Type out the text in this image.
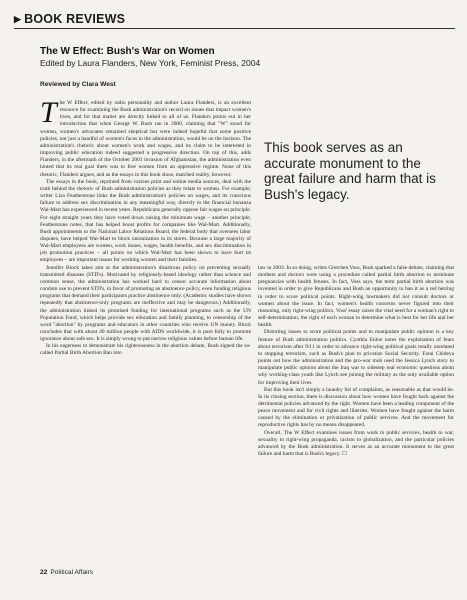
▶ BOOK REVIEWS
The W Effect: Bush's War on Women
Edited by Laura Flanders, New York, Feminist Press, 2004
Reviewed by Clara West

The W Effect, edited by radio personality and author Laura Flanders, is an excellent resource for examining the Bush administration's record on issues that impact women's lives, and for that matter are directly linked to all of us. Flanders points out in her introduction that when George W. Bush ran in 2000, claiming that "W" stood for women, women's advocates remained skeptical but were indeed hopeful that some positive policies, not just a handful of women's faces in the administration, would be on the horizon. The administration's rhetoric about women's work and wages, and its claim to be interested in improving public education indeed suggested a progressive direction. On top of this, adds Flanders, in the aftermath of the October 2001 invasion of Afghanistan, the administration even hinted that its real goal there was to free women from an oppressive regime. None of this rhetoric, Flanders argues, and as the essays in this book show, matched reality, however.

The essays in the book, reprinted from various print and online media sources, deal with the truth behind the rhetoric of Bush administration policies as they relate to women. For example, writer Liza Featherstone links the Bush administration's policies on wages, and its conscious failure to address sex discrimination in any meaningful way, directly to the financial bonanza Wal-Mart has experienced in recent years. Republicans generally oppose fair wages on principle. For eight straight years they have voted down raising the minimum wage – another principle, Featherstone notes, that has helped boost profits for companies like Wal-Mart. Additionally, Bush appointments to the National Labor Relations Board, the federal body that oversees labor disputes, have helped Wal-Mart to block unionization in its stores. Because a large majority of Wal-Mart employees are women, work issues, wages, health benefits, and sex discrimination in job promotion practices – all points on which Wal-Mart has been shown to have hurt its employees – are important issues for working women and their families.

Jennifer Block takes aim at the administration's disastrous policy on preventing sexually transmitted diseases (STD's). Motivated by religiously-based ideology rather than science and common sense, the administration has worked hard to censor accurate information about condom use to prevent STD's, in favor of promoting an abstinence policy, even funding religious programs that demand their participants practice abstinence only. (Academic studies have shown repeatedly that abstinence-only programs are ineffective and may be dangerous.) Additionally, the administration linked its promised funding for international programs such as the UN Population Fund, which helps provide sex education and family planning, to censorship of the word "abortion" by programs and educators in other countries who receive UN money. Block concludes that with about 40 million people with AIDS worldwide, it is pure folly to promote ignorance about safe sex. It is simply wrong to put narrow religious values before human life.

In his eagerness to demonstrate his righteousness in the abortion debate, Bush signed the so-called Partial Birth Abortion Ban into

This book serves as an accurate monument to the great failure and harm that is Bush's legacy.

law in 2003. In so doing, writes Gretchen Voss, Bush sparked a false debate, claiming that mothers and doctors were using a procedure called partial birth abortion to terminate pregnancies with health fetuses. In fact, Voss says, the term partial birth abortion was invented in order to give Republicans and Bush an opportunity to ban it as a red herring in order to score political points. Right-wing lawmakers did not consult doctors or women about the issue. In fact, women's health concerns never figured into their reasoning, only right-wing politics. Voss' essay raises the vital need for a woman's right to self-determination, the right of each woman to determine what is best for her life and her health.

Distorting issues to score political points and to manipulate public opinion is a key feature of Bush administration politics. Cynthia Enloe notes the exploitation of fears about terrorism after 9/11 in order to advance right-wing political goals totally unrelated to stopping terrorism, such as Bush's plan to privatize Social Security. Farai Chideya points out how the administration and the pro-war mob used the Jessica Lynch story to manipulate public opinion about the Iraq war to sidestep real economic questions about why working-class youth like Lynch see joining the military as the only available option for improving their lives.

But this book isn't simply a laundry list of complaints, as reasonable as that would be. In its closing section, there is discussion about how women have fought back against the detrimental policies advanced by the right. Women have been a leading component of the peace movement and for civil rights and liberties. Women have fought against the harm caused by the elimination or privatization of public services. And the movement for reproductive rights has by no means disappeared.

Overall, The W Effect examines issues from work to public services, health to war, sexuality to right-wing propaganda, racism to globalization, and the particular policies advanced by the Bush administration. It serves as an accurate monument to the great failure and harm that is Bush's legacy. ☐

22 Political Affairs
